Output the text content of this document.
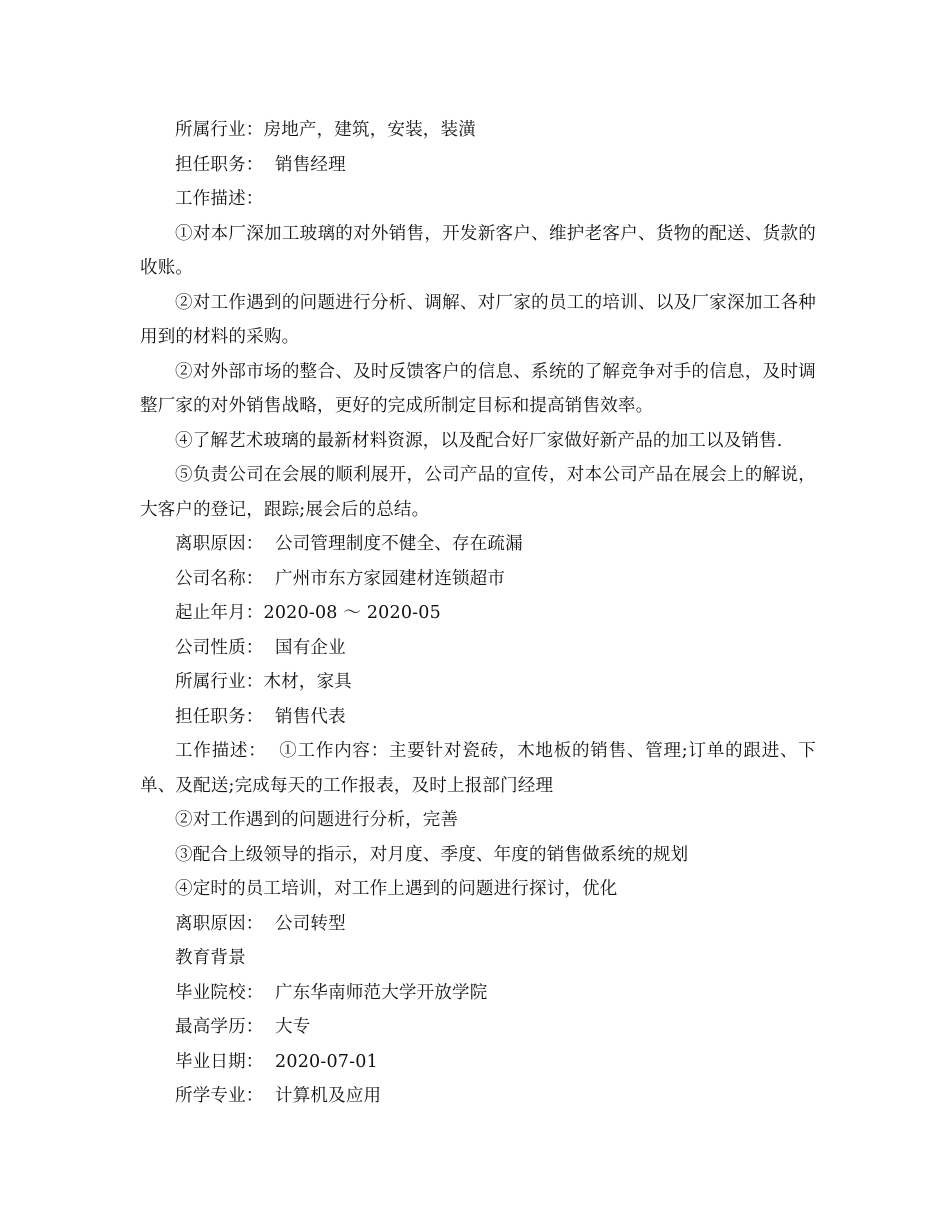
所属行业：房地产，建筑，安装，装潢

担任职务：  销售经理

工作描述：

①对本厂深加工玻璃的对外销售，开发新客户、维护老客户、货物的配送、货款的收账。

②对工作遇到的问题进行分析、调解、对厂家的员工的培训、以及厂家深加工各种用到的材料的采购。

②对外部市场的整合、及时反馈客户的信息、系统的了解竞争对手的信息，及时调整厂家的对外销售战略，更好的完成所制定目标和提高销售效率。

④了解艺术玻璃的最新材料资源，以及配合好厂家做好新产品的加工以及销售.

⑤负责公司在会展的顺利展开，公司产品的宣传，对本公司产品在展会上的解说，大客户的登记，跟踪;展会后的总结。

离职原因：  公司管理制度不健全、存在疏漏

公司名称：  广州市东方家园建材连锁超市

起止年月：2020-08 ～ 2020-05

公司性质：  国有企业

所属行业：木材，家具

担任职务：  销售代表

工作描述：  ①工作内容：主要针对瓷砖，木地板的销售、管理;订单的跟进、下单、及配送;完成每天的工作报表，及时上报部门经理

②对工作遇到的问题进行分析，完善

③配合上级领导的指示，对月度、季度、年度的销售做系统的规划

④定时的员工培训，对工作上遇到的问题进行探讨，优化

离职原因：  公司转型

教育背景

毕业院校：  广东华南师范大学开放学院

最高学历：  大专

毕业日期：  2020-07-01

所学专业：  计算机及应用
